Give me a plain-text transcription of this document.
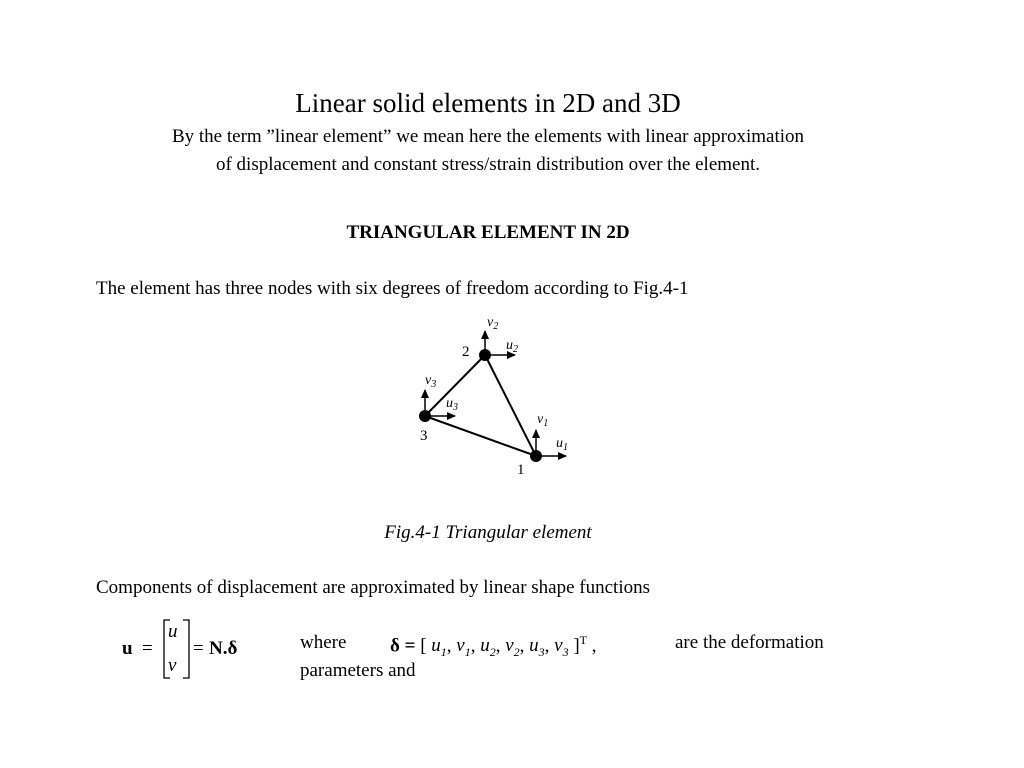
Linear solid elements in 2D and 3D
By the term ”linear element” we mean here the elements with linear approximation
of displacement and constant stress/strain distribution over the element.
TRIANGULAR ELEMENT IN 2D
The element has three nodes with six degrees of freedom according to Fig.4-1
1
2
3
$v_2$
$u_2$
$v_3$
$u_3$
$v_1$
$u_1$
Fig.4-1 Triangular element
Components of displacement are approximated by linear shape functions
u =
u
v
= N.δ	where δ = [ $u_1$, $v_1$, $u_2$, $v_2$, $u_3$, $v_3$ ]$^T$ ,	are the deformation
parameters and
